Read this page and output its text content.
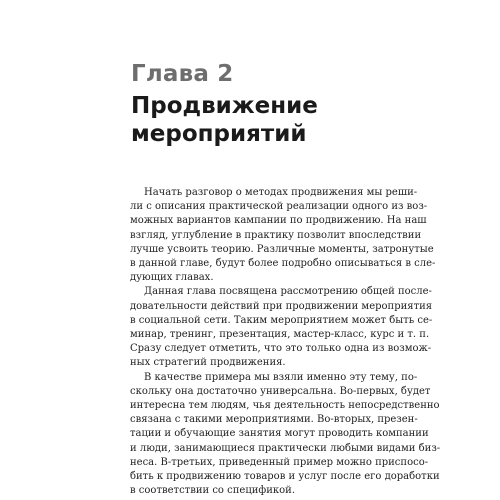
Глава 2
Продвижение
мероприятий
Начать разговор о методах продвижения мы реши-
ли с описания практической реализации одного из воз-
можных вариантов кампании по продвижению. На наш
взгляд, углубление в практику позволит впоследствии
лучше усвоить теорию. Различные моменты, затронутые
в данной главе, будут более подробно описываться в сле-
дующих главах.
Данная глава посвящена рассмотрению общей после-
довательности действий при продвижении мероприятия
в социальной сети. Таким мероприятием может быть се-
минар, тренинг, презентация, мастер-класс, курс и т. п.
Сразу следует отметить, что это только одна из возмож-
ных стратегий продвижения.
В качестве примера мы взяли именно эту тему, по-
скольку она достаточно универсальна. Во-первых, будет
интересна тем людям, чья деятельность непосредственно
связана с такими мероприятиями. Во-вторых, презен-
тации и обучающие занятия могут проводить компании
и люди, занимающиеся практически любыми видами биз-
неса. В-третьих, приведенный пример можно приспосо-
бить к продвижению товаров и услуг после его доработки
в соответствии со спецификой.
